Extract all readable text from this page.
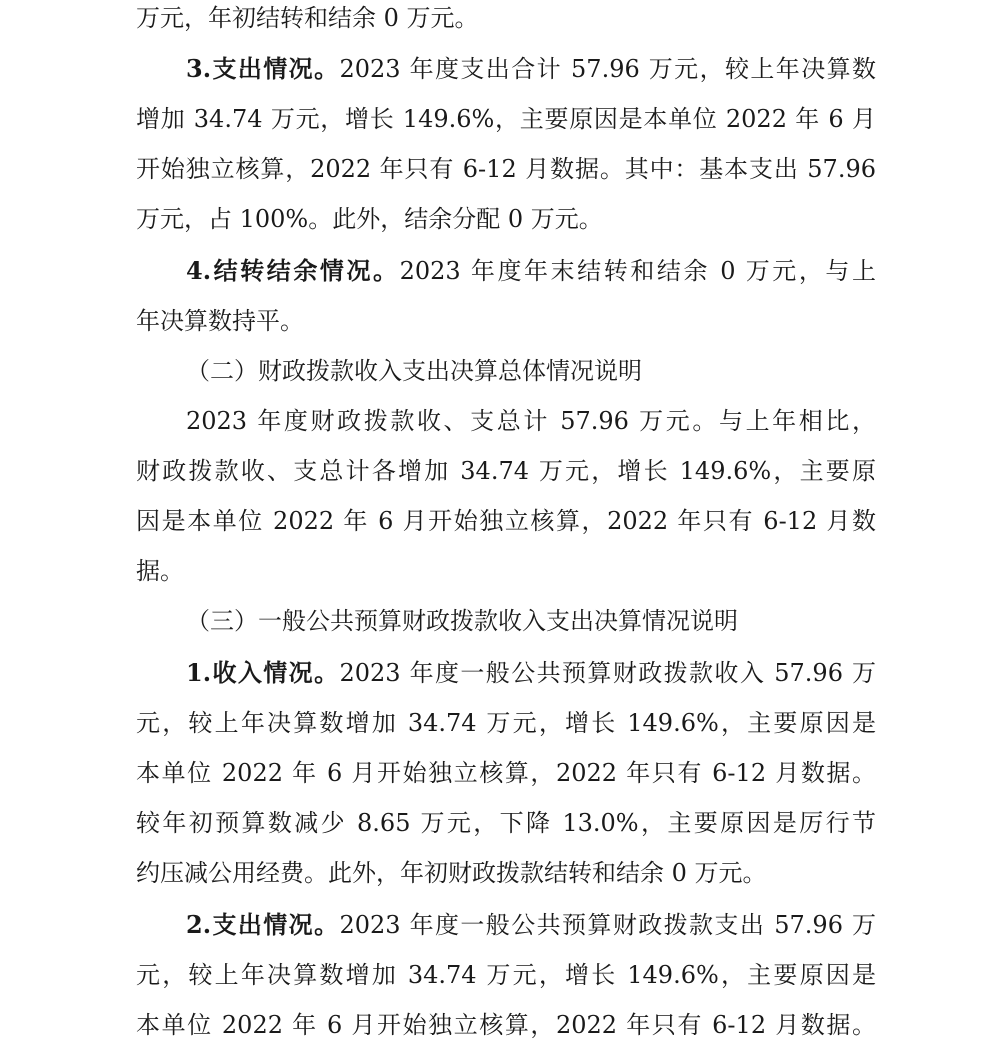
万元，年初结转和结余 0 万元。
3.支出情况。2023 年度支出合计 57.96 万元，较上年决算数
增加 34.74 万元，增长 149.6%，主要原因是本单位 2022 年 6 月
开始独立核算，2022 年只有 6-12 月数据。其中：基本支出 57.96
万元，占 100%。此外，结余分配 0 万元。
4.结转结余情况。2023 年度年末结转和结余 0 万元，与上
年决算数持平。
（二）财政拨款收入支出决算总体情况说明
2023 年度财政拨款收、支总计 57.96 万元。与上年相比，
财政拨款收、支总计各增加 34.74 万元，增长 149.6%，主要原
因是本单位 2022 年 6 月开始独立核算，2022 年只有 6-12 月数
据。
（三）一般公共预算财政拨款收入支出决算情况说明
1.收入情况。2023 年度一般公共预算财政拨款收入 57.96 万
元，较上年决算数增加 34.74 万元，增长 149.6%，主要原因是
本单位 2022 年 6 月开始独立核算，2022 年只有 6-12 月数据。
较年初预算数减少 8.65 万元，下降 13.0%，主要原因是厉行节
约压减公用经费。此外，年初财政拨款结转和结余 0 万元。
2.支出情况。2023 年度一般公共预算财政拨款支出 57.96 万
元，较上年决算数增加 34.74 万元，增长 149.6%，主要原因是
本单位 2022 年 6 月开始独立核算，2022 年只有 6-12 月数据。
